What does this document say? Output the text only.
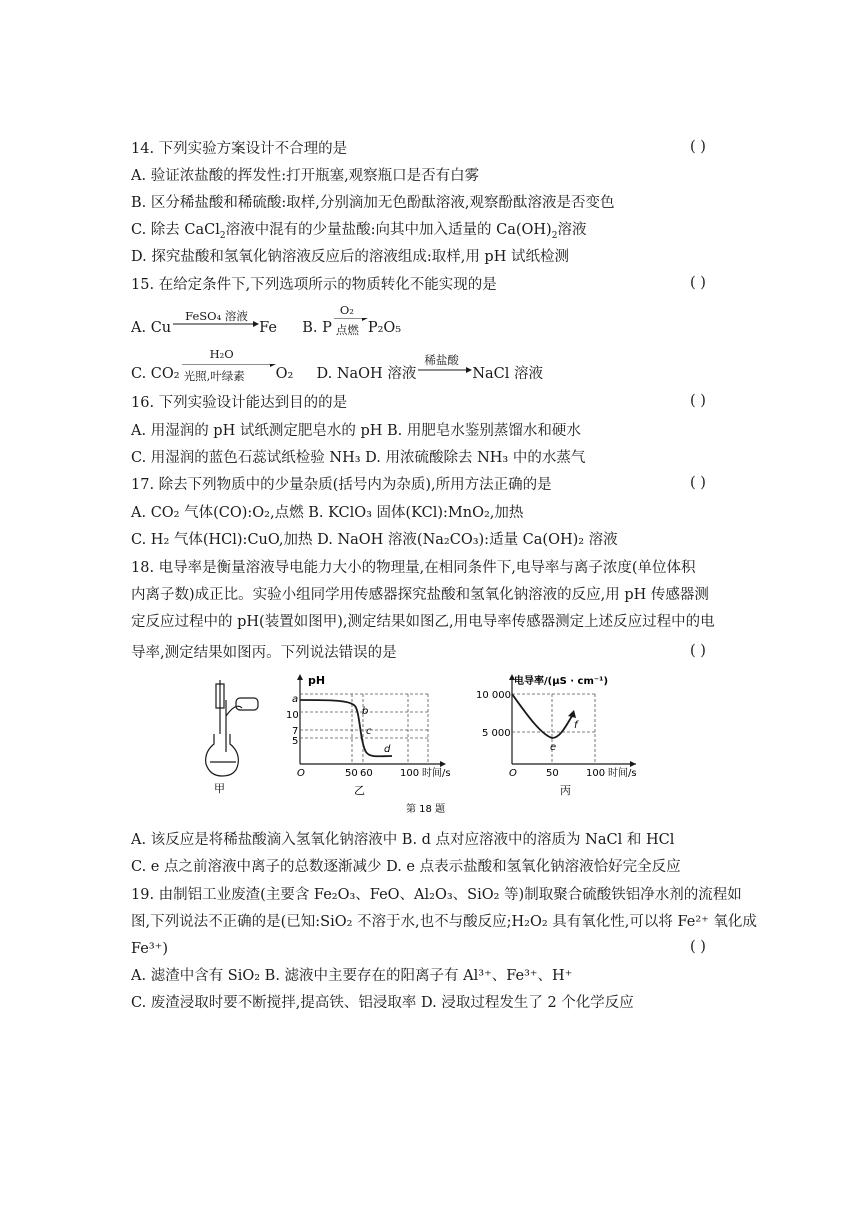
14. 下列实验方案设计不合理的是	( )
A. 验证浓盐酸的挥发性:打开瓶塞,观察瓶口是否有白雾
B. 区分稀盐酸和稀硫酸:取样,分别滴加无色酚酞溶液,观察酚酞溶液是否变色
C. 除去 CaCl$_2$溶液中混有的少量盐酸:向其中加入适量的 $Ca(OH)_2$溶液
D. 探究盐酸和氢氧化钠溶液反应后的溶液组成:取样,用 pH 试纸检测
15. 在给定条件下,下列选项所示的物质转化不能实现的是	( )
A. Cu
FeSO₄ 溶液
Fe B. P
O₂
点燃 P₂O₅
C. CO₂
H₂O
光照,叶绿素 O₂ D. NaOH 溶液
稀盐酸
NaCl 溶液
16. 下列实验设计能达到目的的是	( )
A. 用湿润的 pH 试纸测定肥皂水的 pH B. 用肥皂水鉴别蒸馏水和硬水
C. 用湿润的蓝色石蕊试纸检验 NH₃ D. 用浓硫酸除去 NH₃ 中的水蒸气
17. 除去下列物质中的少量杂质(括号内为杂质),所用方法正确的是	( )
A. CO₂ 气体(CO):O₂,点燃 B. KClO₃ 固体(KCl):MnO₂,加热
C. H₂ 气体(HCl):CuO,加热 D. NaOH 溶液(Na₂CO₃):适量 Ca(OH)₂ 溶液
18. 电导率是衡量溶液导电能力大小的物理量,在相同条件下,电导率与离子浓度(单位体积
内离子数)成正比。实验小组同学用传感器探究盐酸和氢氧化钠溶液的反应,用 pH 传感器测
定反应过程中的 pH(装置如图甲),测定结果如图乙,用电导率传感器测定上述反应过程中的电
导率,测定结果如图丙。下列说法错误的是	( )
甲
pH
10
7
5
a
b
c
d
O	50 60	100 时间/s
乙
电导率/(μS · cm⁻¹)
10 000
5 000
e
f
O	50	100 时间/s
丙
第 18 题
A. 该反应是将稀盐酸滴入氢氧化钠溶液中 B. d 点对应溶液中的溶质为 NaCl 和 HCl
C. e 点之前溶液中离子的总数逐渐减少 D. e 点表示盐酸和氢氧化钠溶液恰好完全反应
19. 由制铝工业废渣(主要含 Fe₂O₃、FeO、Al₂O₃、SiO₂ 等)制取聚合硫酸铁铝净水剂的流程如
图,下列说法不正确的是(已知:SiO₂ 不溶于水,也不与酸反应;H₂O₂ 具有氧化性,可以将 Fe²⁺ 氧化成
Fe³⁺)	( )
A. 滤渣中含有 SiO₂ B. 滤液中主要存在的阳离子有 Al³⁺、Fe³⁺、H⁺
C. 废渣浸取时要不断搅拌,提高铁、铝浸取率 D. 浸取过程发生了 2 个化学反应
